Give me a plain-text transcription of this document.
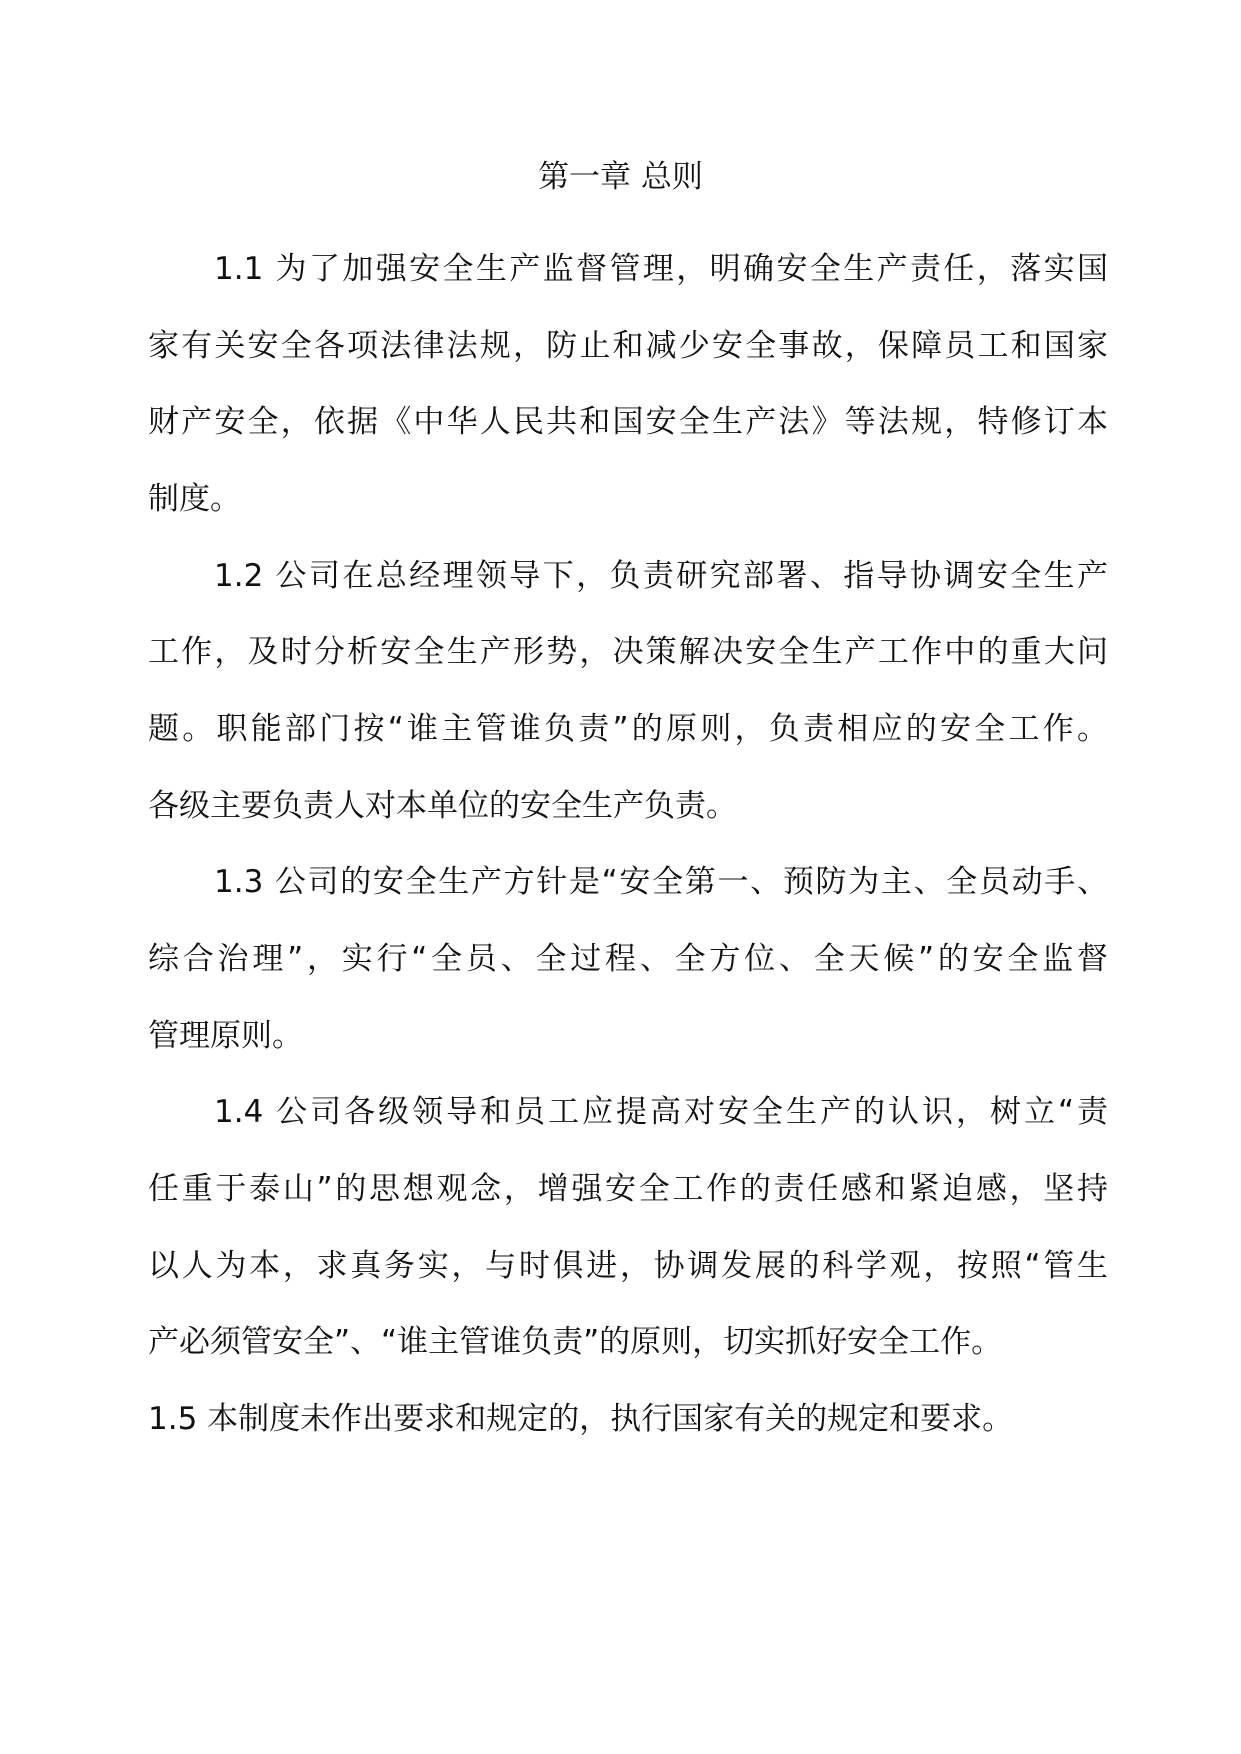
第一章 总则
1.1 为了加强安全生产监督管理，明确安全生产责任，落实国
家有关安全各项法律法规，防止和减少安全事故，保障员工和国家
财产安全，依据《中华人民共和国安全生产法》等法规，特修订本
制度。
1.2 公司在总经理领导下，负责研究部署、指导协调安全生产
工作，及时分析安全生产形势，决策解决安全生产工作中的重大问
题。职能部门按“谁主管谁负责”的原则，负责相应的安全工作。
各级主要负责人对本单位的安全生产负责。
1.3 公司的安全生产方针是“安全第一、预防为主、全员动手、
综合治理”，实行“全员、全过程、全方位、全天候”的安全监督
管理原则。
1.4 公司各级领导和员工应提高对安全生产的认识，树立“责
任重于泰山”的思想观念，增强安全工作的责任感和紧迫感，坚持
以人为本，求真务实，与时俱进，协调发展的科学观，按照“管生
产必须管安全”、“谁主管谁负责”的原则，切实抓好安全工作。
1.5 本制度未作出要求和规定的，执行国家有关的规定和要求。
